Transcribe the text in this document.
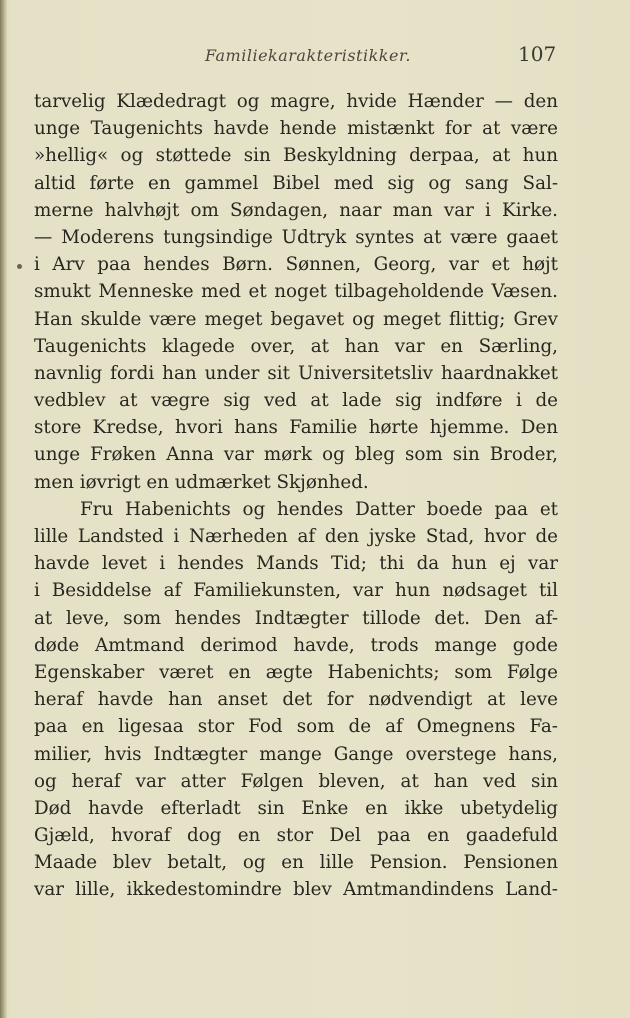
Familiekarakteristikker.	107
tarvelig Klædedragt og magre, hvide Hænder — den
unge Taugenichts havde hende mistænkt for at være
»hellig« og støttede sin Beskyldning derpaa, at hun
altid førte en gammel Bibel med sig og sang Sal-
merne halvhøjt om Søndagen, naar man var i Kirke.
— Moderens tungsindige Udtryk syntes at være gaaet
i Arv paa hendes Børn. Sønnen, Georg, var et højt
smukt Menneske med et noget tilbageholdende Væsen.
Han skulde være meget begavet og meget flittig; Grev
Taugenichts klagede over, at han var en Særling,
navnlig fordi han under sit Universitetsliv haardnakket
vedblev at vægre sig ved at lade sig indføre i de
store Kredse, hvori hans Familie hørte hjemme. Den
unge Frøken Anna var mørk og bleg som sin Broder,
men iøvrigt en udmærket Skjønhed.
Fru Habenichts og hendes Datter boede paa et
lille Landsted i Nærheden af den jyske Stad, hvor de
havde levet i hendes Mands Tid; thi da hun ej var
i Besiddelse af Familiekunsten, var hun nødsaget til
at leve, som hendes Indtægter tillode det. Den af-
døde Amtmand derimod havde, trods mange gode
Egenskaber været en ægte Habenichts; som Følge
heraf havde han anset det for nødvendigt at leve
paa en ligesaa stor Fod som de af Omegnens Fa-
milier, hvis Indtægter mange Gange overstege hans,
og heraf var atter Følgen bleven, at han ved sin
Død havde efterladt sin Enke en ikke ubetydelig
Gjæld, hvoraf dog en stor Del paa en gaadefuld
Maade blev betalt, og en lille Pension. Pensionen
var lille, ikkedestomindre blev Amtmandindens Land-
